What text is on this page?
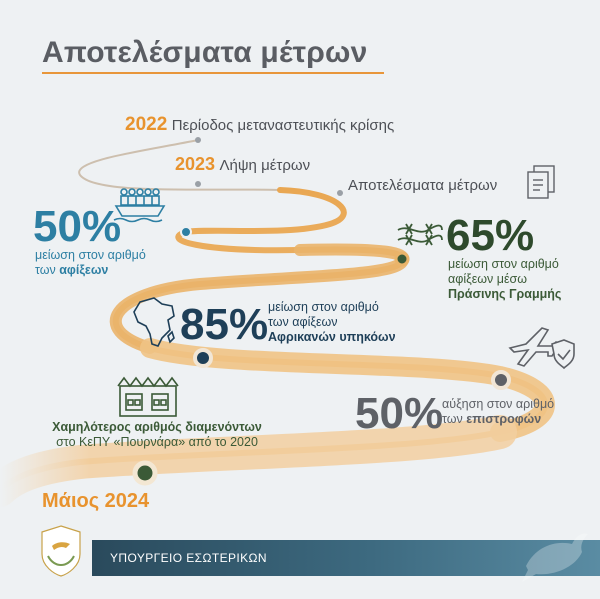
Αποτελέσματα μέτρων
2022 Περίοδος μεταναστευτικής κρίσης
2023 Λήψη μέτρων
Αποτελέσματα μέτρων
50%
μείωση στον αριθμό
των αφίξεων
65%
μείωση στον αριθμό
αφίξεων μέσω
Πράσινης Γραμμής
85% μείωση στον αριθμό
των αφίξεων
Αφρικανών υπηκόων
50%
αύξηση στον αριθμό
των επιστροφών
Χαμηλότερος αριθμός διαμενόντων
στο ΚεΠΥ «Πουρνάρα» από το 2020
Μάιος 2024
ΥΠΟΥΡΓΕΙΟ ΕΣΩΤΕΡΙΚΩΝ
